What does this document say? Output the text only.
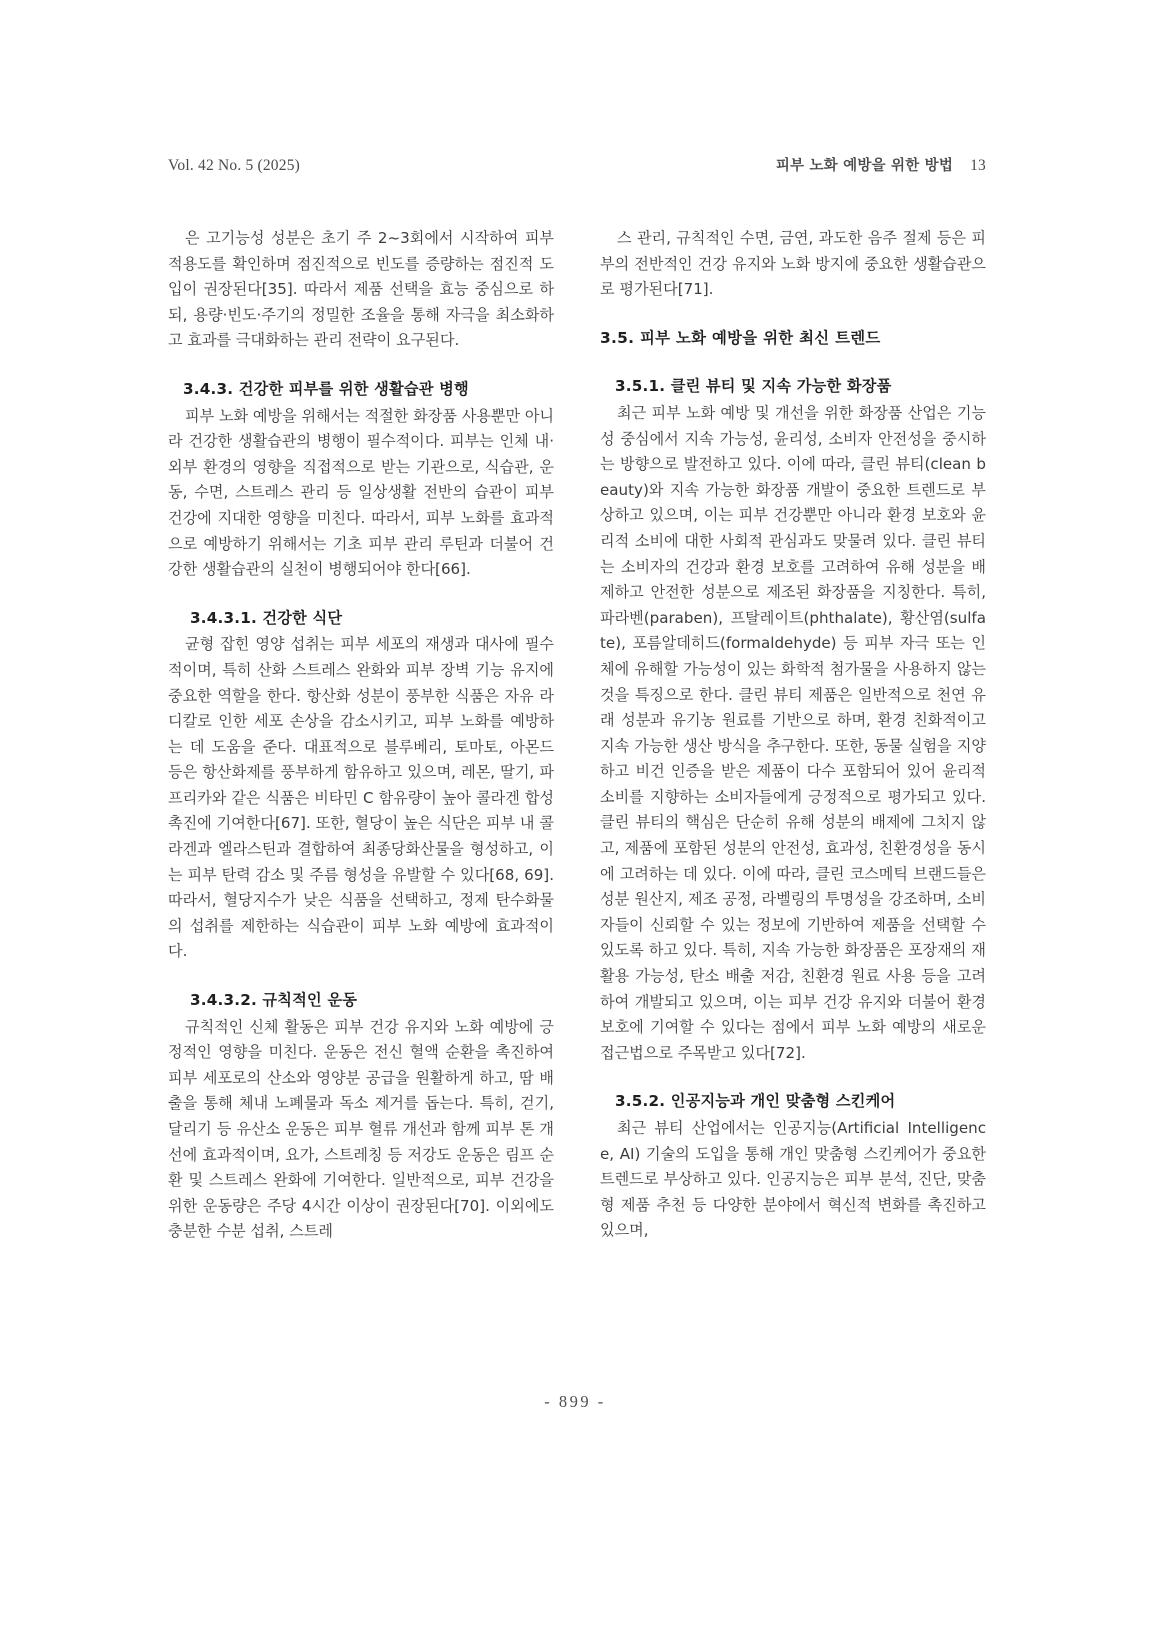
Vol. 42 No. 5 (2025)	피부 노화 예방을 위한 방법 13

은 고기능성 성분은 초기 주 2~3회에서 시작하여 피부 적용도를 확인하며 점진적으로 빈도를 증량하는 점진적 도입이 권장된다[35]. 따라서 제품 선택을 효능 중심으로 하되, 용량·빈도·주기의 정밀한 조율을 통해 자극을 최소화하고 효과를 극대화하는 관리 전략이 요구된다.

3.4.3. 건강한 피부를 위한 생활습관 병행

피부 노화 예방을 위해서는 적절한 화장품 사용뿐만 아니라 건강한 생활습관의 병행이 필수적이다. 피부는 인체 내·외부 환경의 영향을 직접적으로 받는 기관으로, 식습관, 운동, 수면, 스트레스 관리 등 일상생활 전반의 습관이 피부 건강에 지대한 영향을 미친다. 따라서, 피부 노화를 효과적으로 예방하기 위해서는 기초 피부 관리 루틴과 더불어 건강한 생활습관의 실천이 병행되어야 한다[66].

3.4.3.1. 건강한 식단

균형 잡힌 영양 섭취는 피부 세포의 재생과 대사에 필수적이며, 특히 산화 스트레스 완화와 피부 장벽 기능 유지에 중요한 역할을 한다. 항산화 성분이 풍부한 식품은 자유 라디칼로 인한 세포 손상을 감소시키고, 피부 노화를 예방하는 데 도움을 준다. 대표적으로 블루베리, 토마토, 아몬드 등은 항산화제를 풍부하게 함유하고 있으며, 레몬, 딸기, 파프리카와 같은 식품은 비타민 C 함유량이 높아 콜라겐 합성 촉진에 기여한다[67]. 또한, 혈당이 높은 식단은 피부 내 콜라겐과 엘라스틴과 결합하여 최종당화산물을 형성하고, 이는 피부 탄력 감소 및 주름 형성을 유발할 수 있다[68, 69]. 따라서, 혈당지수가 낮은 식품을 선택하고, 정제 탄수화물의 섭취를 제한하는 식습관이 피부 노화 예방에 효과적이다.

3.4.3.2. 규칙적인 운동

규칙적인 신체 활동은 피부 건강 유지와 노화 예방에 긍정적인 영향을 미친다. 운동은 전신 혈액 순환을 촉진하여 피부 세포로의 산소와 영양분 공급을 원활하게 하고, 땀 배출을 통해 체내 노폐물과 독소 제거를 돕는다. 특히, 걷기, 달리기 등 유산소 운동은 피부 혈류 개선과 함께 피부 톤 개선에 효과적이며, 요가, 스트레칭 등 저강도 운동은 림프 순환 및 스트레스 완화에 기여한다. 일반적으로, 피부 건강을 위한 운동량은 주당 4시간 이상이 권장된다[70]. 이외에도 충분한 수분 섭취, 스트레

스 관리, 규칙적인 수면, 금연, 과도한 음주 절제 등은 피부의 전반적인 건강 유지와 노화 방지에 중요한 생활습관으로 평가된다[71].

3.5. 피부 노화 예방을 위한 최신 트렌드
3.5.1. 클린 뷰티 및 지속 가능한 화장품

최근 피부 노화 예방 및 개선을 위한 화장품 산업은 기능성 중심에서 지속 가능성, 윤리성, 소비자 안전성을 중시하는 방향으로 발전하고 있다. 이에 따라, 클린 뷰티(clean beauty)와 지속 가능한 화장품 개발이 중요한 트렌드로 부상하고 있으며, 이는 피부 건강뿐만 아니라 환경 보호와 윤리적 소비에 대한 사회적 관심과도 맞물려 있다. 클린 뷰티는 소비자의 건강과 환경 보호를 고려하여 유해 성분을 배제하고 안전한 성분으로 제조된 화장품을 지칭한다. 특히, 파라벤(paraben), 프탈레이트(phthalate), 황산염(sulfate), 포름알데히드(formaldehyde) 등 피부 자극 또는 인체에 유해할 가능성이 있는 화학적 첨가물을 사용하지 않는 것을 특징으로 한다. 클린 뷰티 제품은 일반적으로 천연 유래 성분과 유기농 원료를 기반으로 하며, 환경 친화적이고 지속 가능한 생산 방식을 추구한다. 또한, 동물 실험을 지양하고 비건 인증을 받은 제품이 다수 포함되어 있어 윤리적 소비를 지향하는 소비자들에게 긍정적으로 평가되고 있다. 클린 뷰티의 핵심은 단순히 유해 성분의 배제에 그치지 않고, 제품에 포함된 성분의 안전성, 효과성, 친환경성을 동시에 고려하는 데 있다. 이에 따라, 클린 코스메틱 브랜드들은 성분 원산지, 제조 공정, 라벨링의 투명성을 강조하며, 소비자들이 신뢰할 수 있는 정보에 기반하여 제품을 선택할 수 있도록 하고 있다. 특히, 지속 가능한 화장품은 포장재의 재활용 가능성, 탄소 배출 저감, 친환경 원료 사용 등을 고려하여 개발되고 있으며, 이는 피부 건강 유지와 더불어 환경 보호에 기여할 수 있다는 점에서 피부 노화 예방의 새로운 접근법으로 주목받고 있다[72].

3.5.2. 인공지능과 개인 맞춤형 스킨케어

최근 뷰티 산업에서는 인공지능(Artificial Intelligence, AI) 기술의 도입을 통해 개인 맞춤형 스킨케어가 중요한 트렌드로 부상하고 있다. 인공지능은 피부 분석, 진단, 맞춤형 제품 추천 등 다양한 분야에서 혁신적 변화를 촉진하고 있으며,

- 899 -
